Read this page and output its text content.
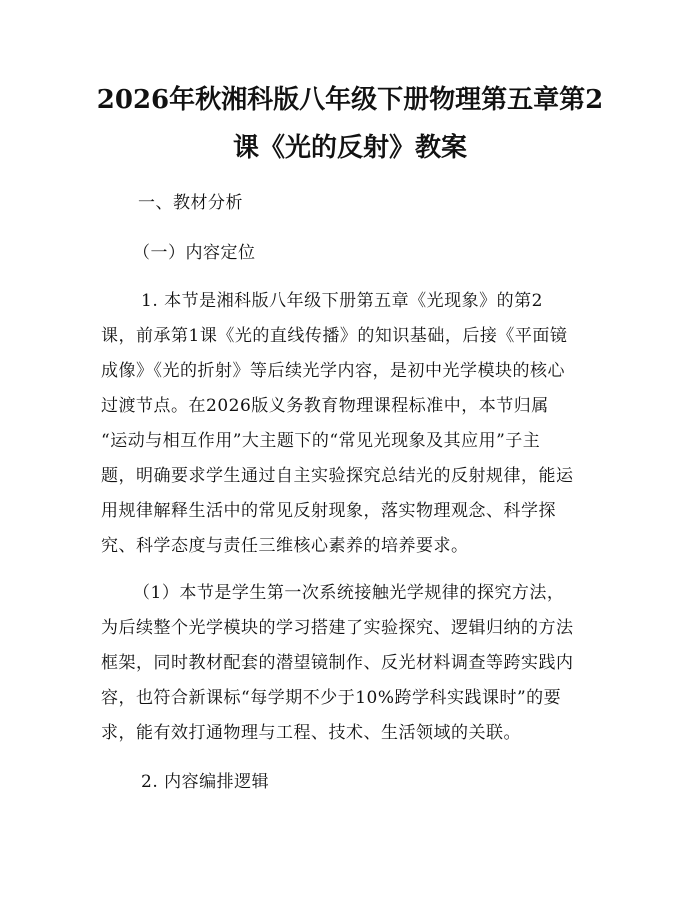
2026年秋湘科版八年级下册物理第五章第2
课《光的反射》教案
一、教材分析
（一）内容定位
1. 本节是湘科版八年级下册第五章《光现象》的第2
课，前承第1课《光的直线传播》的知识基础，后接《平面镜
成像》《光的折射》等后续光学内容，是初中光学模块的核心
过渡节点。在2026版义务教育物理课程标准中，本节归属
“运动与相互作用”大主题下的“常见光现象及其应用”子主
题，明确要求学生通过自主实验探究总结光的反射规律，能运
用规律解释生活中的常见反射现象，落实物理观念、科学探
究、科学态度与责任三维核心素养的培养要求。
（1）本节是学生第一次系统接触光学规律的探究方法，
为后续整个光学模块的学习搭建了实验探究、逻辑归纳的方法
框架，同时教材配套的潜望镜制作、反光材料调查等跨实践内
容，也符合新课标“每学期不少于10%跨学科实践课时”的要
求，能有效打通物理与工程、技术、生活领域的关联。
2. 内容编排逻辑
